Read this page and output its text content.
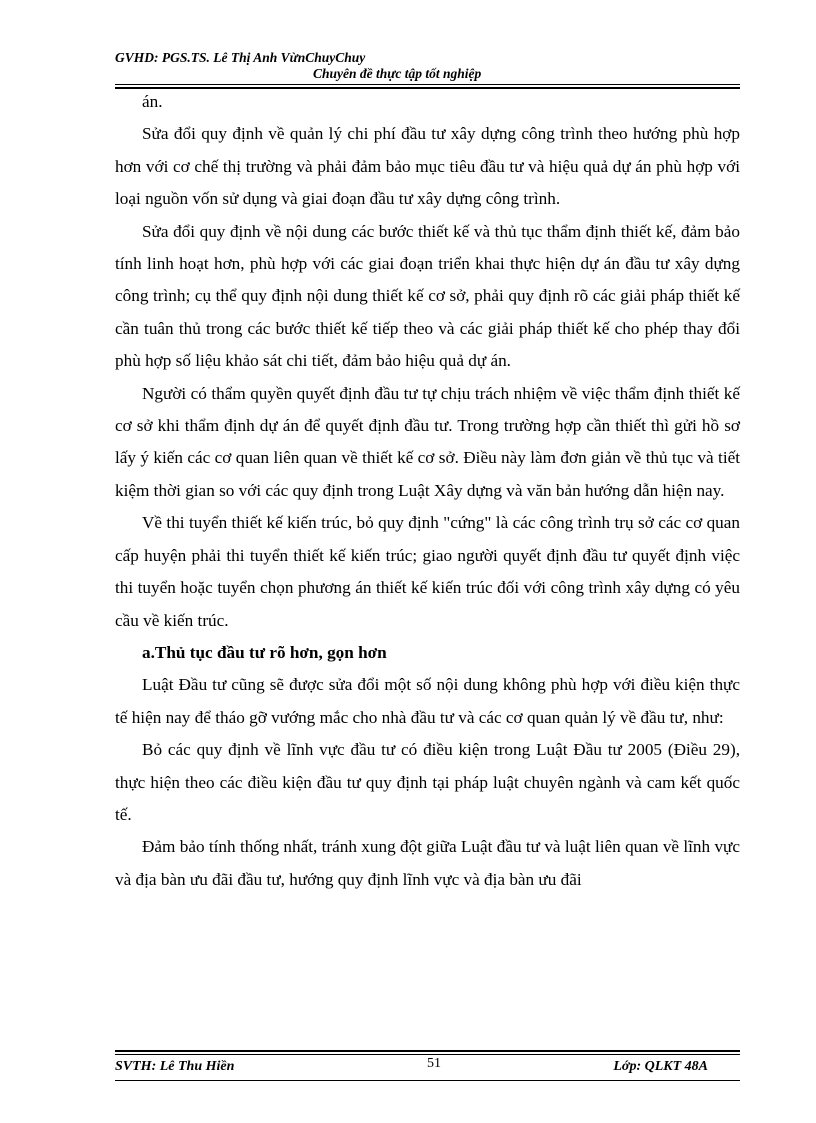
GVHD: PGS.TS. Lê Thị Anh VừnChuyChuy
Chuyên đề thực tập tốt nghiệp

án.

Sửa đổi quy định về quản lý chi phí đầu tư xây dựng công trình theo hướng phù hợp hơn với cơ chế thị trường và phải đảm bảo mục tiêu đầu tư và hiệu quả dự án phù hợp với loại nguồn vốn sử dụng và giai đoạn đầu tư xây dựng công trình.

Sửa đổi quy định về nội dung các bước thiết kế và thủ tục thẩm định thiết kế, đảm bảo tính linh hoạt hơn, phù hợp với các giai đoạn triển khai thực hiện dự án đầu tư xây dựng công trình; cụ thể quy định nội dung thiết kế cơ sở, phải quy định rõ các giải pháp thiết kế cần tuân thủ trong các bước thiết kế tiếp theo và các giải pháp thiết kế cho phép thay đổi phù hợp số liệu khảo sát chi tiết, đảm bảo hiệu quả dự án.

Người có thẩm quyền quyết định đầu tư tự chịu trách nhiệm về việc thẩm định thiết kế cơ sở khi thẩm định dự án để quyết định đầu tư. Trong trường hợp cần thiết thì gửi hồ sơ lấy ý kiến các cơ quan liên quan về thiết kế cơ sở. Điều này làm đơn giản về thủ tục và tiết kiệm thời gian so với các quy định trong Luật Xây dựng và văn bản hướng dẫn hiện nay.

Về thi tuyển thiết kế kiến trúc, bỏ quy định "cứng" là các công trình trụ sở các cơ quan cấp huyện phải thi tuyển thiết kế kiến trúc; giao người quyết định đầu tư quyết định việc thi tuyển hoặc tuyển chọn phương án thiết kế kiến trúc đối với công trình xây dựng có yêu cầu về kiến trúc.

a.Thủ tục đầu tư rõ hơn, gọn hơn

Luật Đầu tư cũng sẽ được sửa đổi một số nội dung không phù hợp với điều kiện thực tế hiện nay để tháo gỡ vướng mắc cho nhà đầu tư và các cơ quan quản lý về đầu tư, như:

Bỏ các quy định về lĩnh vực đầu tư có điều kiện trong Luật Đầu tư 2005 (Điều 29), thực hiện theo các điều kiện đầu tư quy định tại pháp luật chuyên ngành và cam kết quốc tế.

Đảm bảo tính thống nhất, tránh xung đột giữa Luật đầu tư và luật liên quan về lĩnh vực và địa bàn ưu đãi đầu tư, hướng quy định lĩnh vực và địa bàn ưu đãi

SVTH: Lê Thu Hiền	51	Lớp: QLKT 48A
